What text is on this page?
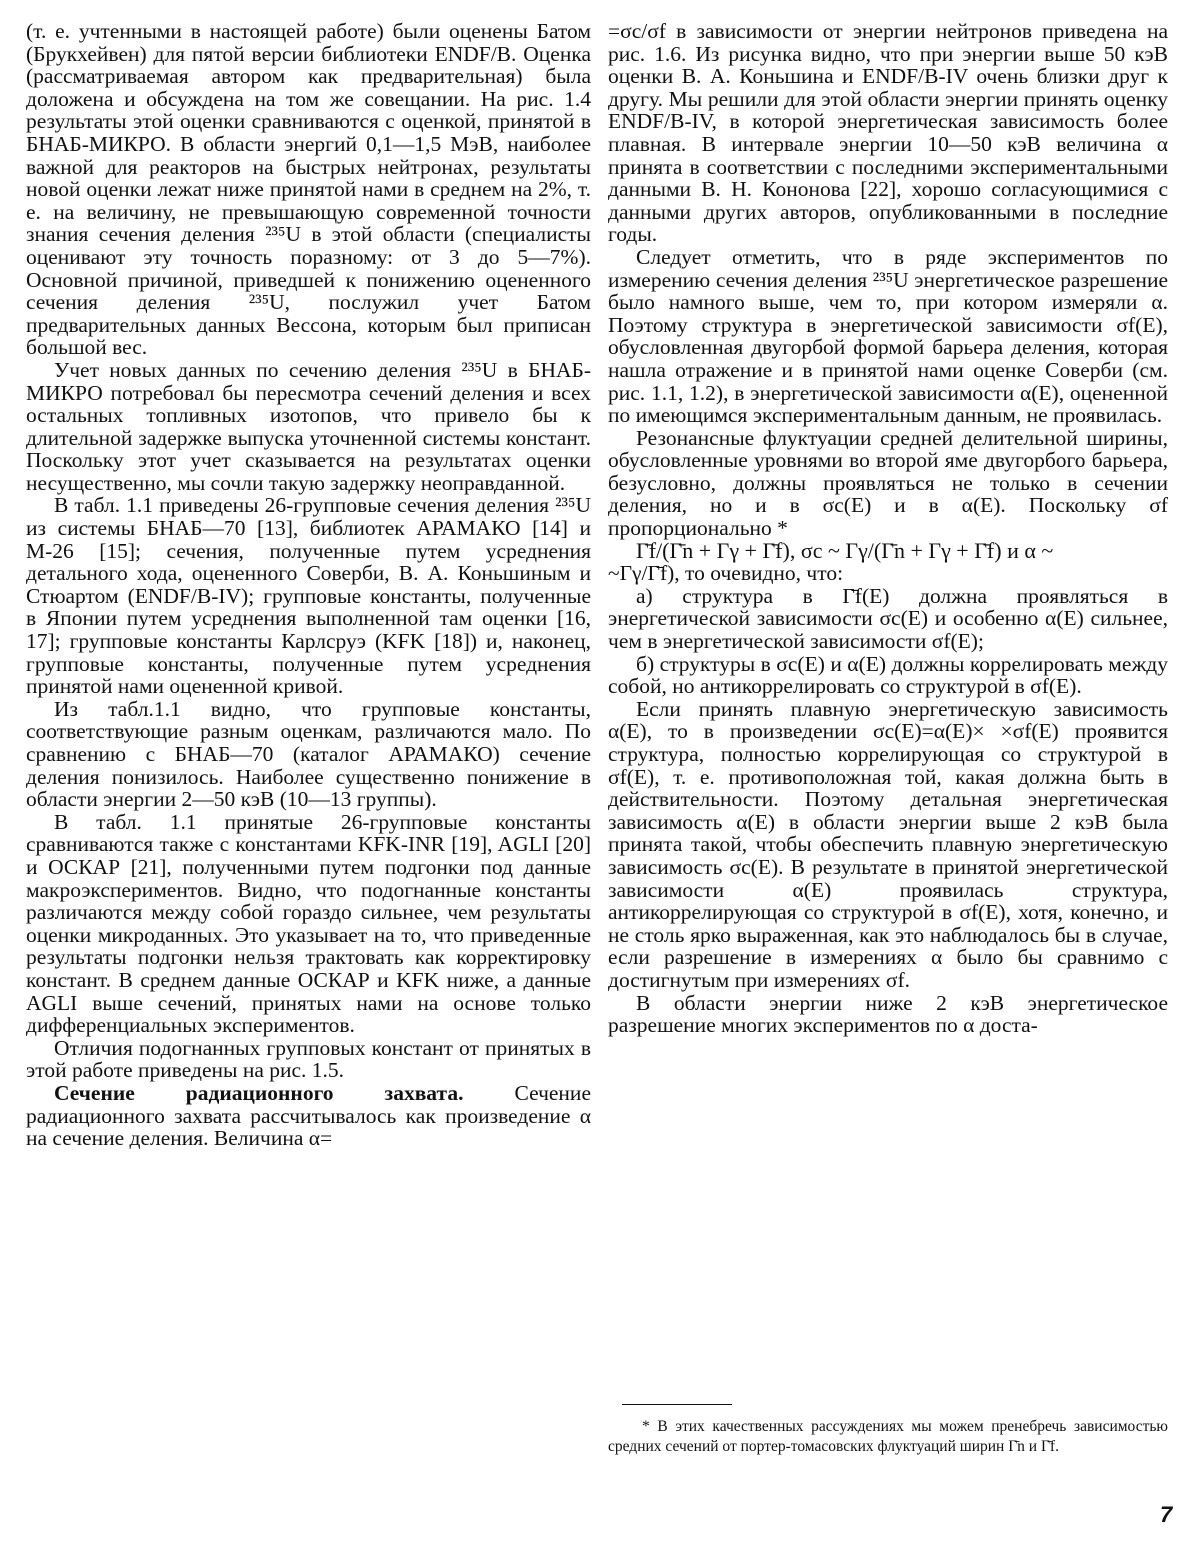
(т. е. учтенными в настоящей работе) были оценены Батом (Брукхейвен) для пятой версии библиотеки ENDF/B. Оценка (рассматриваемая автором как предварительная) была доложена и обсуждена на том же совещании. На рис. 1.4 результаты этой оценки сравниваются с оценкой, принятой в БНАБ-МИКРО. В области энергий 0,1—1,5 МэВ, наиболее важной для реакторов на быстрых нейтронах, результаты новой оценки лежат ниже принятой нами в среднем на 2%, т. е. на величину, не превышающую современной точности знания сечения деления ²³⁵U в этой области (специалисты оценивают эту точность поразному: от 3 до 5—7%). Основной причиной, приведшей к понижению оцененного сечения деления ²³⁵U, послужил учет Батом предварительных данных Вессона, которым был приписан большой вес.

Учет новых данных по сечению деления ²³⁵U в БНАБ-МИКРО потребовал бы пересмотра сечений деления и всех остальных топливных изотопов, что привело бы к длительной задержке выпуска уточненной системы констант. Поскольку этот учет сказывается на результатах оценки несущественно, мы сочли такую задержку неоправданной.

В табл. 1.1 приведены 26-групповые сечения деления ²³⁵U из системы БНАБ—70 [13], библиотек АРАМАКО [14] и М-26 [15]; сечения, полученные путем усреднения детального хода, оцененного Соверби, В. А. Коньшиным и Стюартом (ENDF/B-IV); групповые константы, полученные в Японии путем усреднения выполненной там оценки [16, 17]; групповые константы Карлсруэ (KFK [18]) и, наконец, групповые константы, полученные путем усреднения принятой нами оцененной кривой.

Из табл.1.1 видно, что групповые константы, соответствующие разным оценкам, различаются мало. По сравнению с БНАБ—70 (каталог АРАМАКО) сечение деления понизилось. Наиболее существенно понижение в области энергии 2—50 кэВ (10—13 группы).

В табл. 1.1 принятые 26-групповые константы сравниваются также с константами KFK-INR [19], AGLI [20] и ОСКАР [21], полученными путем подгонки под данные макроэкспериментов. Видно, что подогнанные константы различаются между собой гораздо сильнее, чем результаты оценки микроданных. Это указывает на то, что приведенные результаты подгонки нельзя трактовать как корректировку констант. В среднем данные ОСКАР и KFK ниже, а данные AGLI выше сечений, принятых нами на основе только дифференциальных экспериментов.

Отличия подогнанных групповых констант от принятых в этой работе приведены на рис. 1.5.

Сечение радиационного захвата. Сечение радиационного захвата рассчитывалось как произведение α на сечение деления. Величина α=

=σc/σf в зависимости от энергии нейтронов приведена на рис. 1.6. Из рисунка видно, что при энергии выше 50 кэВ оценки В. А. Коньшина и ENDF/B-IV очень близки друг к другу. Мы решили для этой области энергии принять оценку ENDF/B-IV, в которой энергетическая зависимость более плавная. В интервале энергии 10—50 кэВ величина α принята в соответствии с последними экспериментальными данными В. Н. Кононова [22], хорошо согласующимися с данными других авторов, опубликованными в последние годы.

Следует отметить, что в ряде экспериментов по измерению сечения деления ²³⁵U энергетическое разрешение было намного выше, чем то, при котором измеряли α. Поэтому структура в энергетической зависимости σf(E), обусловленная двугорбой формой барьера деления, которая нашла отражение и в принятой нами оценке Соверби (см. рис. 1.1, 1.2), в энергетической зависимости α(E), оцененной по имеющимся экспериментальным данным, не проявилась.

Резонансные флуктуации средней делительной ширины, обусловленные уровнями во второй яме двугорбого барьера, безусловно, должны проявляться не только в сечении деления, но и в σc(E) и в α(E). Поскольку σf пропорционально *

Γ̄f/(Γ̄n + Γγ + Γ̄f), σc ~ Γγ/(Γ̄n + Γγ + Γ̄f) и α ~

~Γγ/Γ̄f), то очевидно, что:

а) структура в Γ̄f(E) должна проявляться в энергетической зависимости σc(E) и особенно α(E) сильнее, чем в энергетической зависимости σf(E);

б) структуры в σc(E) и α(E) должны коррелировать между собой, но антикоррелировать со структурой в σf(E).

Если принять плавную энергетическую зависимость α(E), то в произведении σc(E)=α(E)× ×σf(E) проявится структура, полностью коррелирующая со структурой в σf(E), т. е. противоположная той, какая должна быть в действительности. Поэтому детальная энергетическая зависимость α(E) в области энергии выше 2 кэВ была принята такой, чтобы обеспечить плавную энергетическую зависимость σc(E). В результате в принятой энергетической зависимости α(E) проявилась структура, антикоррелирующая со структурой в σf(E), хотя, конечно, и не столь ярко выраженная, как это наблюдалось бы в случае, если разрешение в измерениях α было бы сравнимо с достигнутым при измерениях σf.

В области энергии ниже 2 кэВ энергетическое разрешение многих экспериментов по α доста-

* В этих качественных рассуждениях мы можем пренебречь зависимостью средних сечений от портер-томасовских флуктуаций ширин Γ̄n и Γ̄f.

7
